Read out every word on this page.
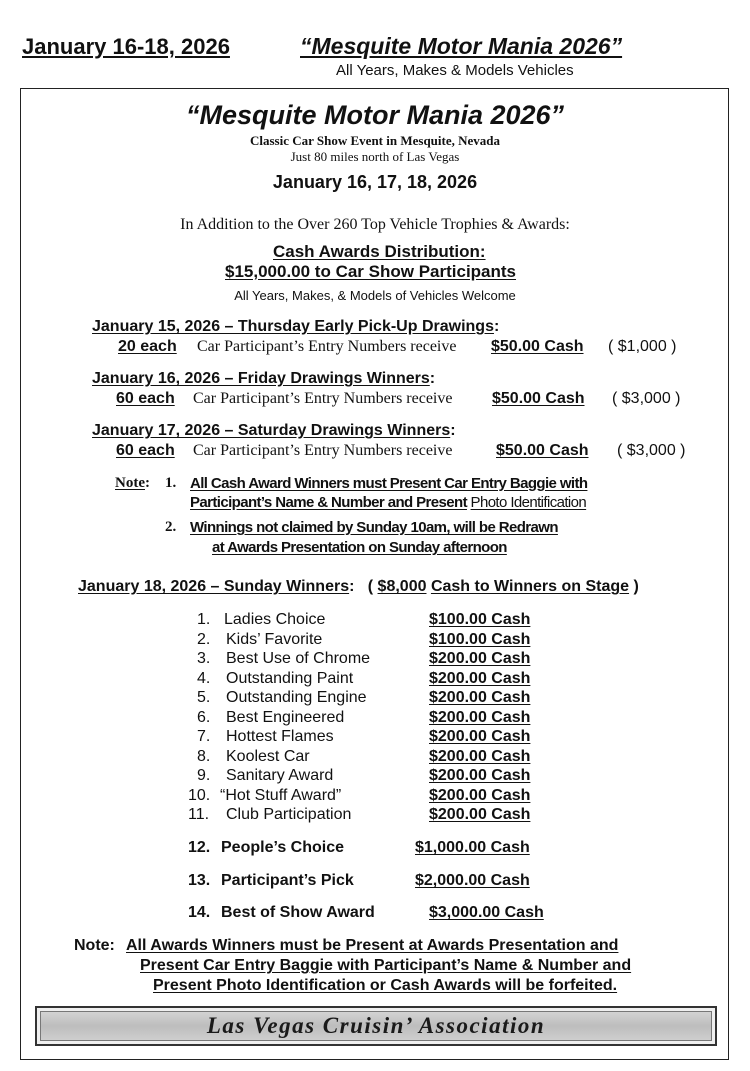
January 16-18, 2026	“Mesquite Motor Mania 2026”
All Years, Makes & Models Vehicles
“Mesquite Motor Mania 2026”
Classic Car Show Event in Mesquite, Nevada
Just 80 miles north of Las Vegas
January 16, 17, 18, 2026
In Addition to the Over 260 Top Vehicle Trophies & Awards:
Cash Awards Distribution:
$15,000.00 to Car Show Participants
All Years, Makes, & Models of Vehicles Welcome
January 15, 2026 – Thursday Early Pick-Up Drawings:
20 each Car Participant’s Entry Numbers receive $50.00 Cash ( $1,000 )
January 16, 2026 – Friday Drawings Winners:
60 each Car Participant’s Entry Numbers receive $50.00 Cash ( $3,000 )
January 17, 2026 – Saturday Drawings Winners:
60 each Car Participant’s Entry Numbers receive	$50.00 Cash ( $3,000 )
Note: 1. All Cash Award Winners must Present Car Entry Baggie with
Participant’s Name & Number and Present Photo Identification
2. Winnings not claimed by Sunday 10am, will be Redrawn
at Awards Presentation on Sunday afternoon
January 18, 2026 – Sunday Winners: ( $8,000 Cash to Winners on Stage )
1. Ladies Choice	$100.00 Cash
2. Kids’ Favorite	$100.00 Cash
3. Best Use of Chrome	$200.00 Cash
4. Outstanding Paint	$200.00 Cash
5. Outstanding Engine	$200.00 Cash
6. Best Engineered	$200.00 Cash
7. Hottest Flames	$200.00 Cash
8. Koolest Car	$200.00 Cash
9. Sanitary Award	$200.00 Cash
10. “Hot Stuff Award”	$200.00 Cash
11. Club Participation	$200.00 Cash
12. People’s Choice	$1,000.00 Cash
13. Participant’s Pick	$2,000.00 Cash
14. Best of Show Award	$3,000.00 Cash
Note: All Awards Winners must be Present at Awards Presentation and
Present Car Entry Baggie with Participant’s Name & Number and
Present Photo Identification or Cash Awards will be forfeited.
Las Vegas Cruisin’ Association
